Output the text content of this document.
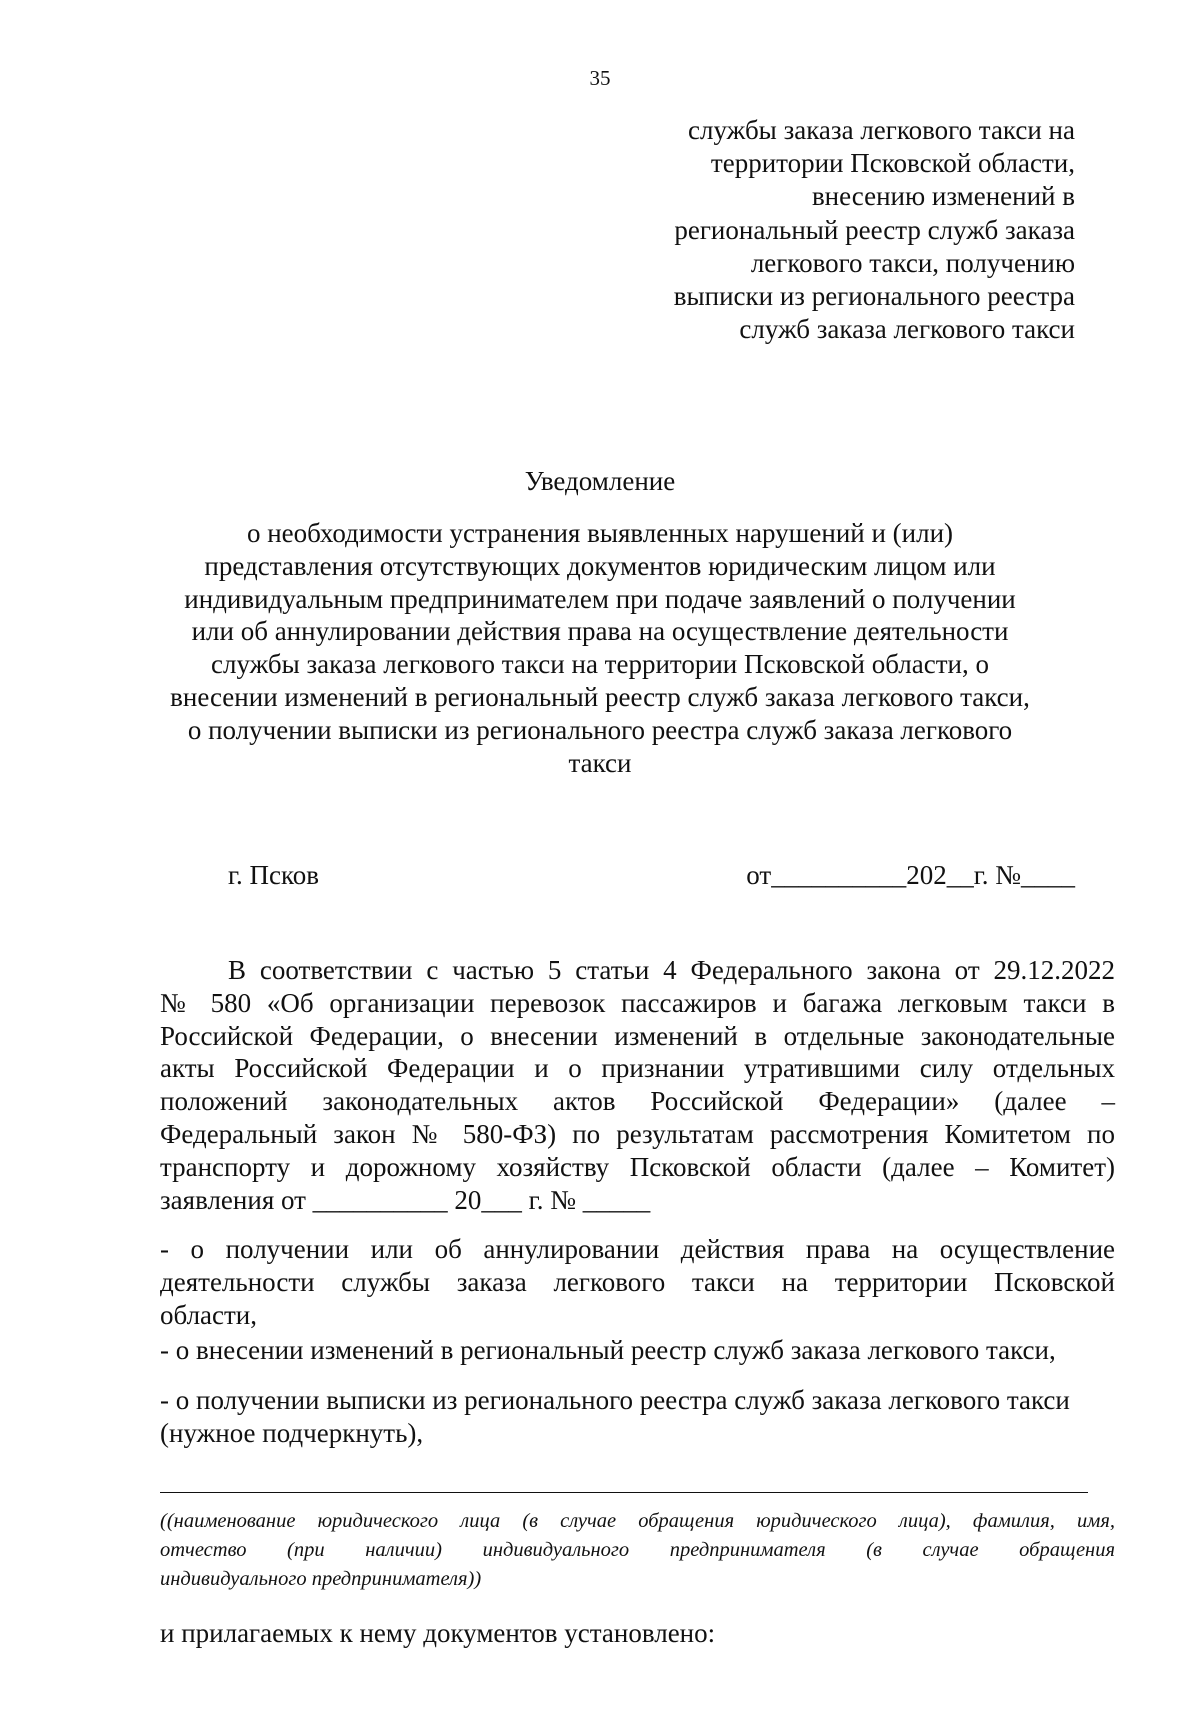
35
службы заказа легкового такси на
территории Псковской области,
внесению изменений в
региональный реестр служб заказа
легкового такси, получению
выписки из регионального реестра
служб заказа легкового такси
Уведомление
о необходимости устранения выявленных нарушений и (или)
представления отсутствующих документов юридическим лицом или
индивидуальным предпринимателем при подаче заявлений о получении
или об аннулировании действия права на осуществление деятельности
службы заказа легкового такси на территории Псковской области, о
внесении изменений в региональный реестр служб заказа легкового такси,
о получении выписки из регионального реестра служб заказа легкового
такси
г. Псков	от__________202__г. №____
В соответствии с частью 5 статьи 4 Федерального закона от 29.12.2022
№ 580 «Об организации перевозок пассажиров и багажа легковым такси в
Российской Федерации, о внесении изменений в отдельные законодательные
акты Российской Федерации и о признании утратившими силу отдельных
положений законодательных актов Российской Федерации» (далее –
Федеральный закон № 580-ФЗ) по результатам рассмотрения Комитетом по
транспорту и дорожному хозяйству Псковской области (далее – Комитет)
заявления от __________ 20___ г. № _____
- о получении или об аннулировании действия права на осуществление
деятельности службы заказа легкового такси на территории Псковской
области,
- о внесении изменений в региональный реестр служб заказа легкового такси,
- о получении выписки из регионального реестра служб заказа легкового такси
(нужное подчеркнуть),
((наименование юридического лица (в случае обращения юридического лица), фамилия, имя,
отчество (при наличии) индивидуального предпринимателя (в случае обращения
индивидуального предпринимателя))
и прилагаемых к нему документов установлено:
